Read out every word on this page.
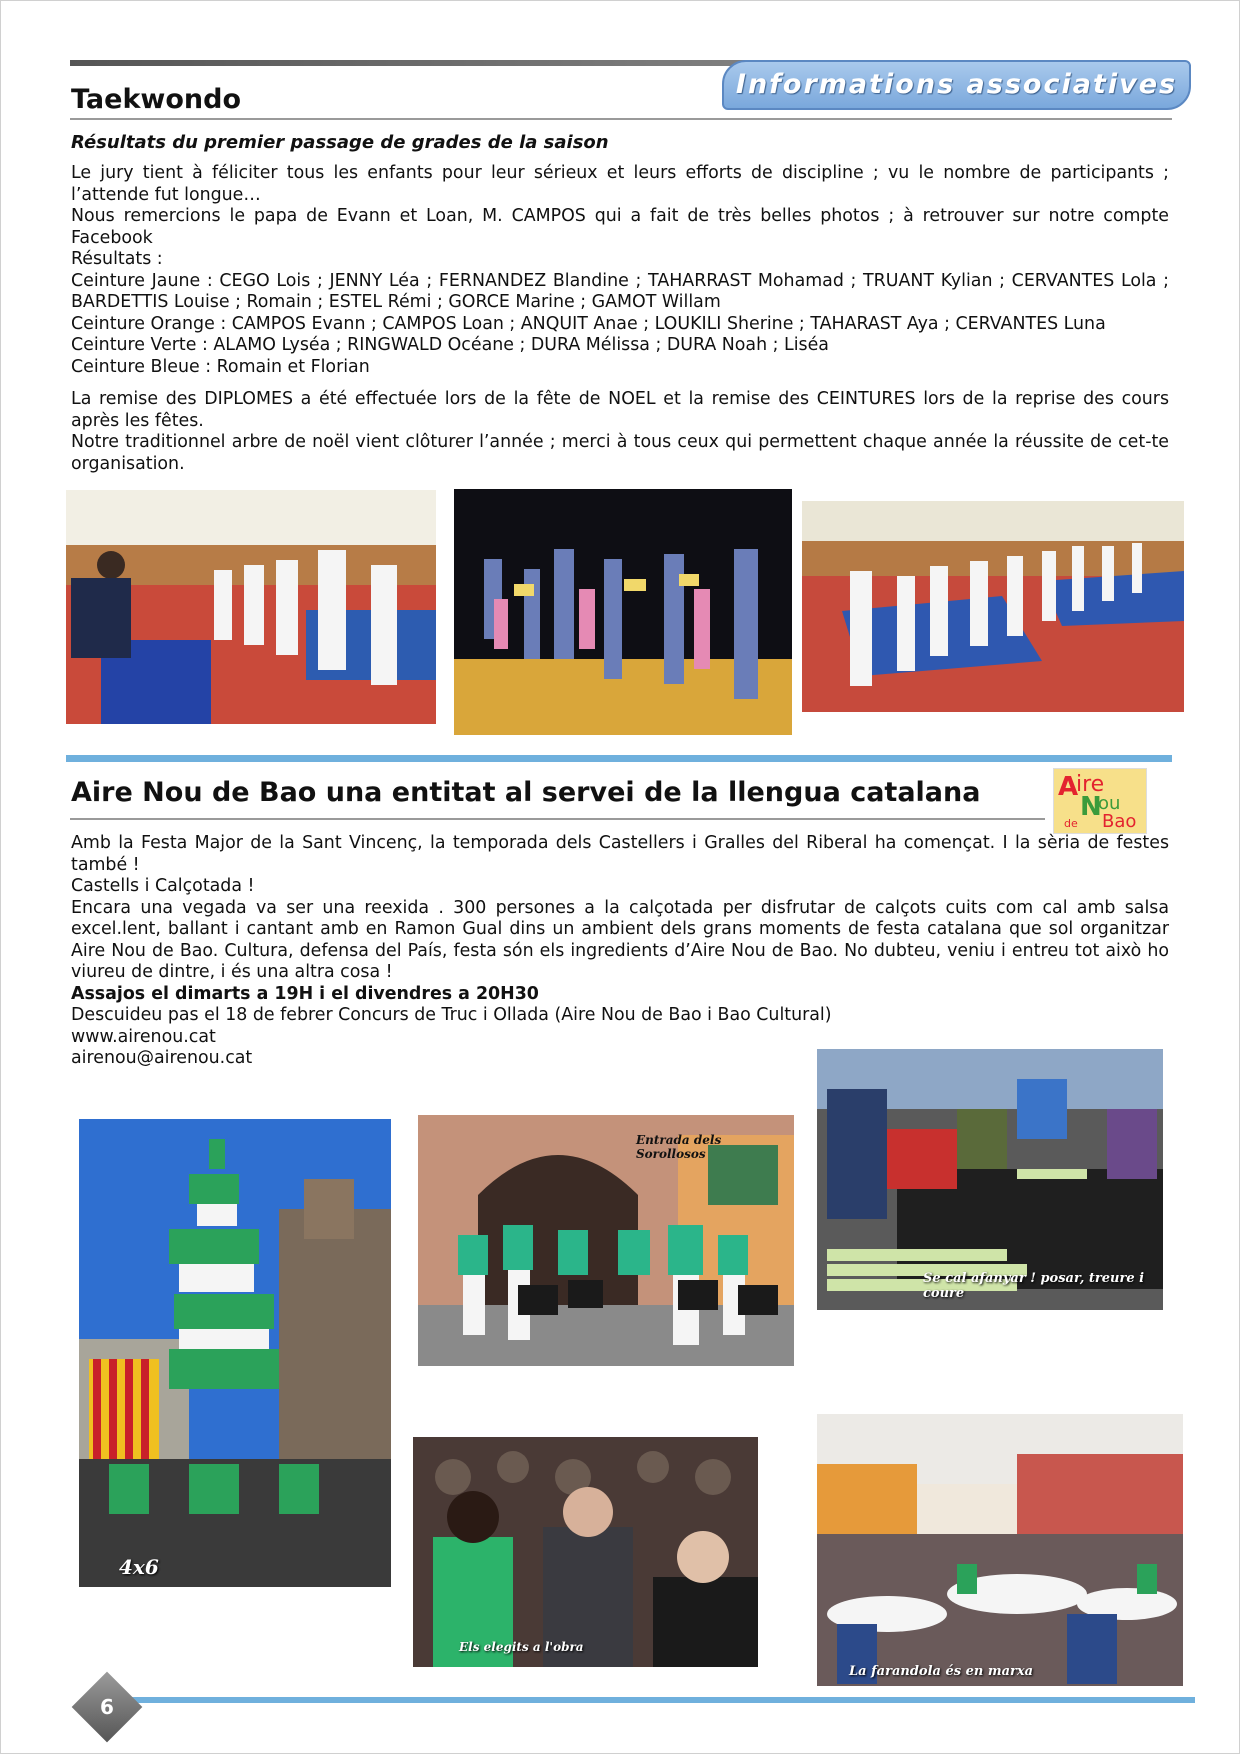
Informations associatives
Taekwondo
Résultats du premier passage de grades de la saison

Le jury tient à féliciter tous les enfants pour leur sérieux et leurs efforts de discipline ; vu le nombre de participants ; l’attende fut longue…

Nous remercions le papa de Evann et Loan, M. CAMPOS qui a fait de très belles photos ; à retrouver sur notre compte Facebook

Résultats :

Ceinture Jaune : CEGO Lois ; JENNY Léa ; FERNANDEZ Blandine ; TAHARRAST Mohamad ; TRUANT Kylian ; CERVANTES Lola ; BARDETTIS Louise ; Romain ; ESTEL Rémi ; GORCE Marine ; GAMOT Willam

Ceinture Orange : CAMPOS Evann ; CAMPOS Loan ; ANQUIT Anae ; LOUKILI Sherine ; TAHARAST Aya ; CERVANTES Luna

Ceinture Verte : ALAMO Lyséa ; RINGWALD Océane ; DURA Mélissa ; DURA Noah ; Liséa

Ceinture Bleue : Romain et Florian

La remise des DIPLOMES a été effectuée lors de la fête de NOEL et la remise des CEINTURES lors de la reprise des cours après les fêtes.

Notre traditionnel arbre de noël vient clôturer l’année ; merci à tous ceux qui permettent chaque année la réussite de cet-te organisation.

Aire Nou de Bao una entitat al servei de la llengua catalana	A
ire
ou
N
de Bao

Amb la Festa Major de la Sant Vincenç, la temporada dels Castellers i Gralles del Riberal ha començat. I la sèria de festes també !

Castells i Calçotada !

Encara una vegada va ser una reexida . 300 persones a la calçotada per disfrutar de calçots cuits com cal amb salsa excel.lent, ballant i cantant amb en Ramon Gual dins un ambient dels grans moments de festa catalana que sol organitzar Aire Nou de Bao. Cultura, defensa del País, festa són els ingredients d’Aire Nou de Bao. No dubteu, veniu i entreu tot això ho viureu de dintre, i és una altra cosa !

Assajos el dimarts a 19H i el divendres a 20H30

Descuideu pas el 18 de febrer Concurs de Truc i Ollada (Aire Nou de Bao i Bao Cultural)

www.airenou.cat

airenou@airenou.cat

4x6
Entrada dels Sorollosos
Se cal afanyar ! posar, treure i coure
Els elegits a l'obra
La farandola és en marxa
6
